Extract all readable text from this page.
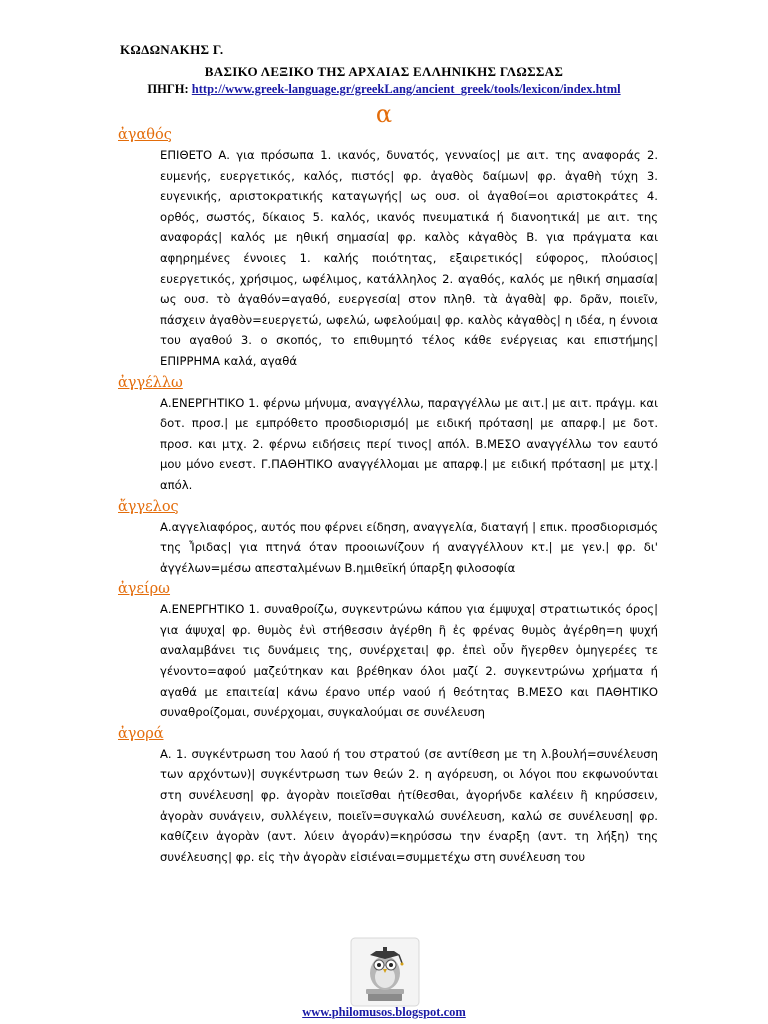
ΚΩΔΩΝΑΚΗΣ Γ.
ΒΑΣΙΚΟ ΛΕΞΙΚΟ ΤΗΣ ΑΡΧΑΙΑΣ ΕΛΛΗΝΙΚΗΣ ΓΛΩΣΣΑΣ
ΠΗΓΗ: http://www.greek-language.gr/greekLang/ancient_greek/tools/lexicon/index.html
α
ἀγαθός
ΕΠΙΘΕΤΟ Α. για πρόσωπα 1. ικανός, δυνατός, γενναίος| με αιτ. της αναφοράς 2. ευμενής, ευεργετικός, καλός, πιστός| φρ. ἀγαθὸς δαίμων| φρ. ἀγαθὴ τύχη 3. ευγενικής, αριστοκρατικής καταγωγής| ως ουσ. οἱ ἀγαθοί=οι αριστοκράτες 4. ορθός, σωστός, δίκαιος 5. καλός, ικανός πνευματικά ή διανοητικά| με αιτ. της αναφοράς| καλός με ηθική σημασία| φρ. καλὸς κἀγαθὸς Β. για πράγματα και αφηρημένες έννοιες 1. καλής ποιότητας, εξαιρετικός| εύφορος, πλούσιος| ευεργετικός, χρήσιμος, ωφέλιμος, κατάλληλος 2. αγαθός, καλός με ηθική σημασία| ως ουσ. τὸ ἀγαθόν=αγαθό, ευεργεσία| στον πληθ. τὰ ἀγαθὰ| φρ. δρᾶν, ποιεῖν, πάσχειν ἀγαθὸν=ευεργετώ, ωφελώ, ωφελούμαι| φρ. καλὸς κἀγαθὸς| η ιδέα, η έννοια του αγαθού 3. ο σκοπός, το επιθυμητό τέλος κάθε ενέργειας και επιστήμης| ΕΠΙΡΡΗΜΑ καλά, αγαθά
ἀγγέλλω
Α.ΕΝΕΡΓΗΤΙΚΟ 1. φέρνω μήνυμα, αναγγέλλω, παραγγέλλω με αιτ.| με αιτ. πράγμ. και δοτ. προσ.| με εμπρόθετο προσδιορισμό| με ειδική πρόταση| με απαρφ.| με δοτ. προσ. και μτχ. 2. φέρνω ειδήσεις περί τινος| απόλ. Β.ΜΕΣΟ αναγγέλλω τον εαυτό μου μόνο ενεστ. Γ.ΠΑΘΗΤΙΚΟ αναγγέλλομαι με απαρφ.| με ειδική πρόταση| με μτχ.| απόλ.
ἄγγελος
Α.αγγελιαφόρος, αυτός που φέρνει είδηση, αναγγελία, διαταγή | επικ. προσδιορισμός της Ἶριδας| για πτηνά όταν προοιωνίζουν ή αναγγέλλουν κτ.| με γεν.| φρ. δι' ἀγγέλων=μέσω απεσταλμένων Β.ημιθεϊκή ύπαρξη φιλοσοφία
ἀγείρω
Α.ΕΝΕΡΓΗΤΙΚΟ 1. συναθροίζω, συγκεντρώνω κάπου για έμψυχα| στρατιωτικός όρος| για άψυχα| φρ. θυμὸς ἐνὶ στήθεσσιν ἀγέρθη ἢ ἐς φρένας θυμὸς ἀγέρθη=η ψυχή αναλαμβάνει τις δυνάμεις της, συνέρχεται| φρ. ἐπεὶ οὖν ἤγερθεν ὁμηγερέες τε γένοντο=αφού μαζεύτηκαν και βρέθηκαν όλοι μαζί 2. συγκεντρώνω χρήματα ή αγαθά με επαιτεία| κάνω έρανο υπέρ ναού ή θεότητας Β.ΜΕΣΟ και ΠΑΘΗΤΙΚΟ συναθροίζομαι, συνέρχομαι, συγκαλούμαι σε συνέλευση
ἀγορά
Α. 1. συγκέντρωση του λαού ή του στρατού (σε αντίθεση με τη λ.βουλή=συνέλευση των αρχόντων)| συγκέντρωση των θεών 2. η αγόρευση, οι λόγοι που εκφωνούνται στη συνέλευση| φρ. ἀγορὰν ποιεῖσθαι ἠτίθεσθαι, ἀγορήνδε καλέειν ἢ κηρύσσειν, ἀγορὰν συνάγειν, συλλέγειν, ποιεῖν=συγκαλώ συνέλευση, καλώ σε συνέλευση| φρ. καθίζειν ἀγορὰν (αντ. λύειν ἀγοράν)=κηρύσσω την έναρξη (αντ. τη λήξη) της συνέλευσης| φρ. εἰς τὴν ἀγορὰν εἰσιέναι=συμμετέχω στη συνέλευση του
www.philomusos.blogspot.com
